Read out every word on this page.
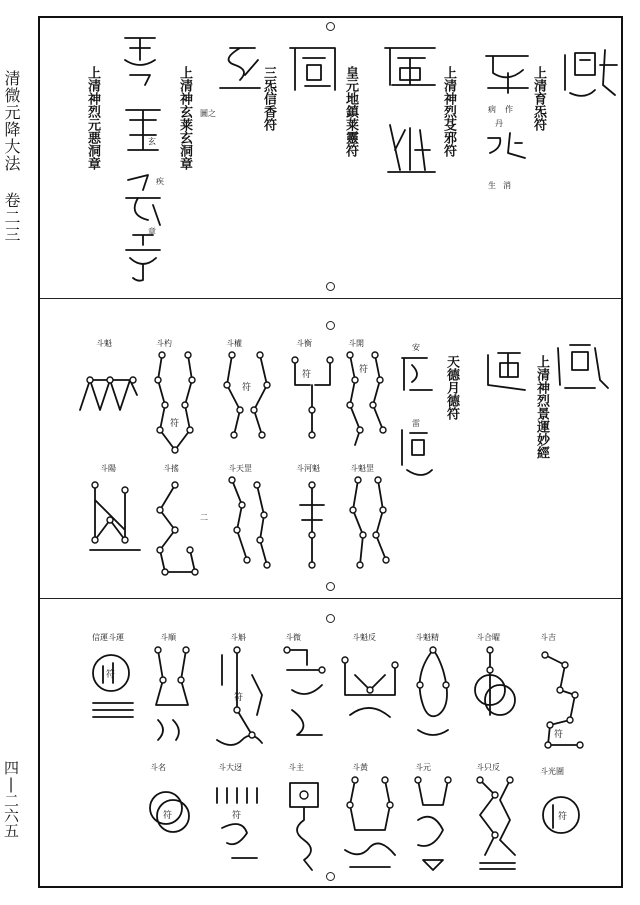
清微元降大法 卷二三
四|二六五
上清育炁符
上清神烈芟邪符
皇元地鎮莱靈符
三炁信香符
上清神玄莱玄洞章
上清神烈元悪洞章	病 作
丹
生 消
玄
疾
章
圖之
上清神烈景運妙經
天德月德符
安
雷
斗魁	斗杓	斗權	斗衡	斗開
斗陽	斗搖	斗天罡	斗河魁	斗魁罡
符
符
符	符
二
斗吉
斗合曜
斗魁精
斗魁反
斗微
斗斛
斗順
信運斗運
斗光圍
斗只反
斗元
斗黃
斗主
斗大迓
斗名
符
符
符
符
符
符
